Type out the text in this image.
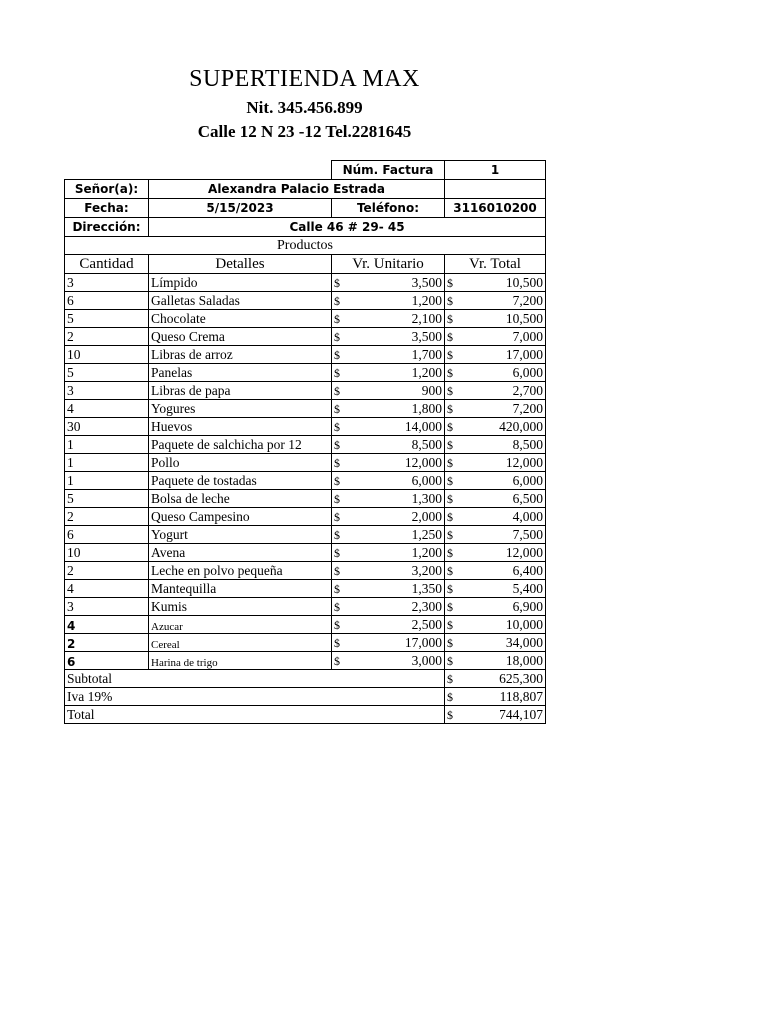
SUPERTIENDA MAX
Nit. 345.456.899
Calle 12 N 23 -12 Tel.2281645
		Núm. Factura	1
Señor(a):	Alexandra Palacio Estrada		
Fecha:	5/15/2023	Teléfono:	3116010200
Dirección:	Calle 46 # 29- 45		
Productos			
Cantidad	Detalles	Vr. Unitario	Vr. Total
3	Límpido	$ 3,500	$ 10,500

6	Galletas Saladas	$ 1,200	$ 7,200

5	Chocolate	$ 2,100	$ 10,500

2	Queso Crema	$ 3,500	$ 7,000

10	Libras de arroz	$ 1,700	$ 17,000

5	Panelas	$ 1,200	$ 6,000

3	Libras de papa	$ 900	$ 2,700

4	Yogures	$ 1,800	$ 7,200

30	Huevos	$ 14,000	$ 420,000

1	Paquete de salchicha por 12	$ 8,500	$ 8,500

1	Pollo	$ 12,000	$ 12,000

1	Paquete de tostadas	$ 6,000	$ 6,000

5	Bolsa de leche	$ 1,300	$ 6,500

2	Queso Campesino	$ 2,000	$ 4,000

6	Yogurt	$ 1,250	$ 7,500

10	Avena	$ 1,200	$ 12,000

2	Leche en polvo pequeña	$ 3,200	$ 6,400

4	Mantequilla	$ 1,350	$ 5,400

3	Kumis	$ 2,300	$ 6,900

4	Azucar	$ 2,500	$ 10,000

2	Cereal	$ 17,000	$ 34,000

6	Harina de trigo	$ 3,000	$ 18,000

Subtotal			$ 625,300

Iva 19%			$ 118,807

Total			$ 744,107
